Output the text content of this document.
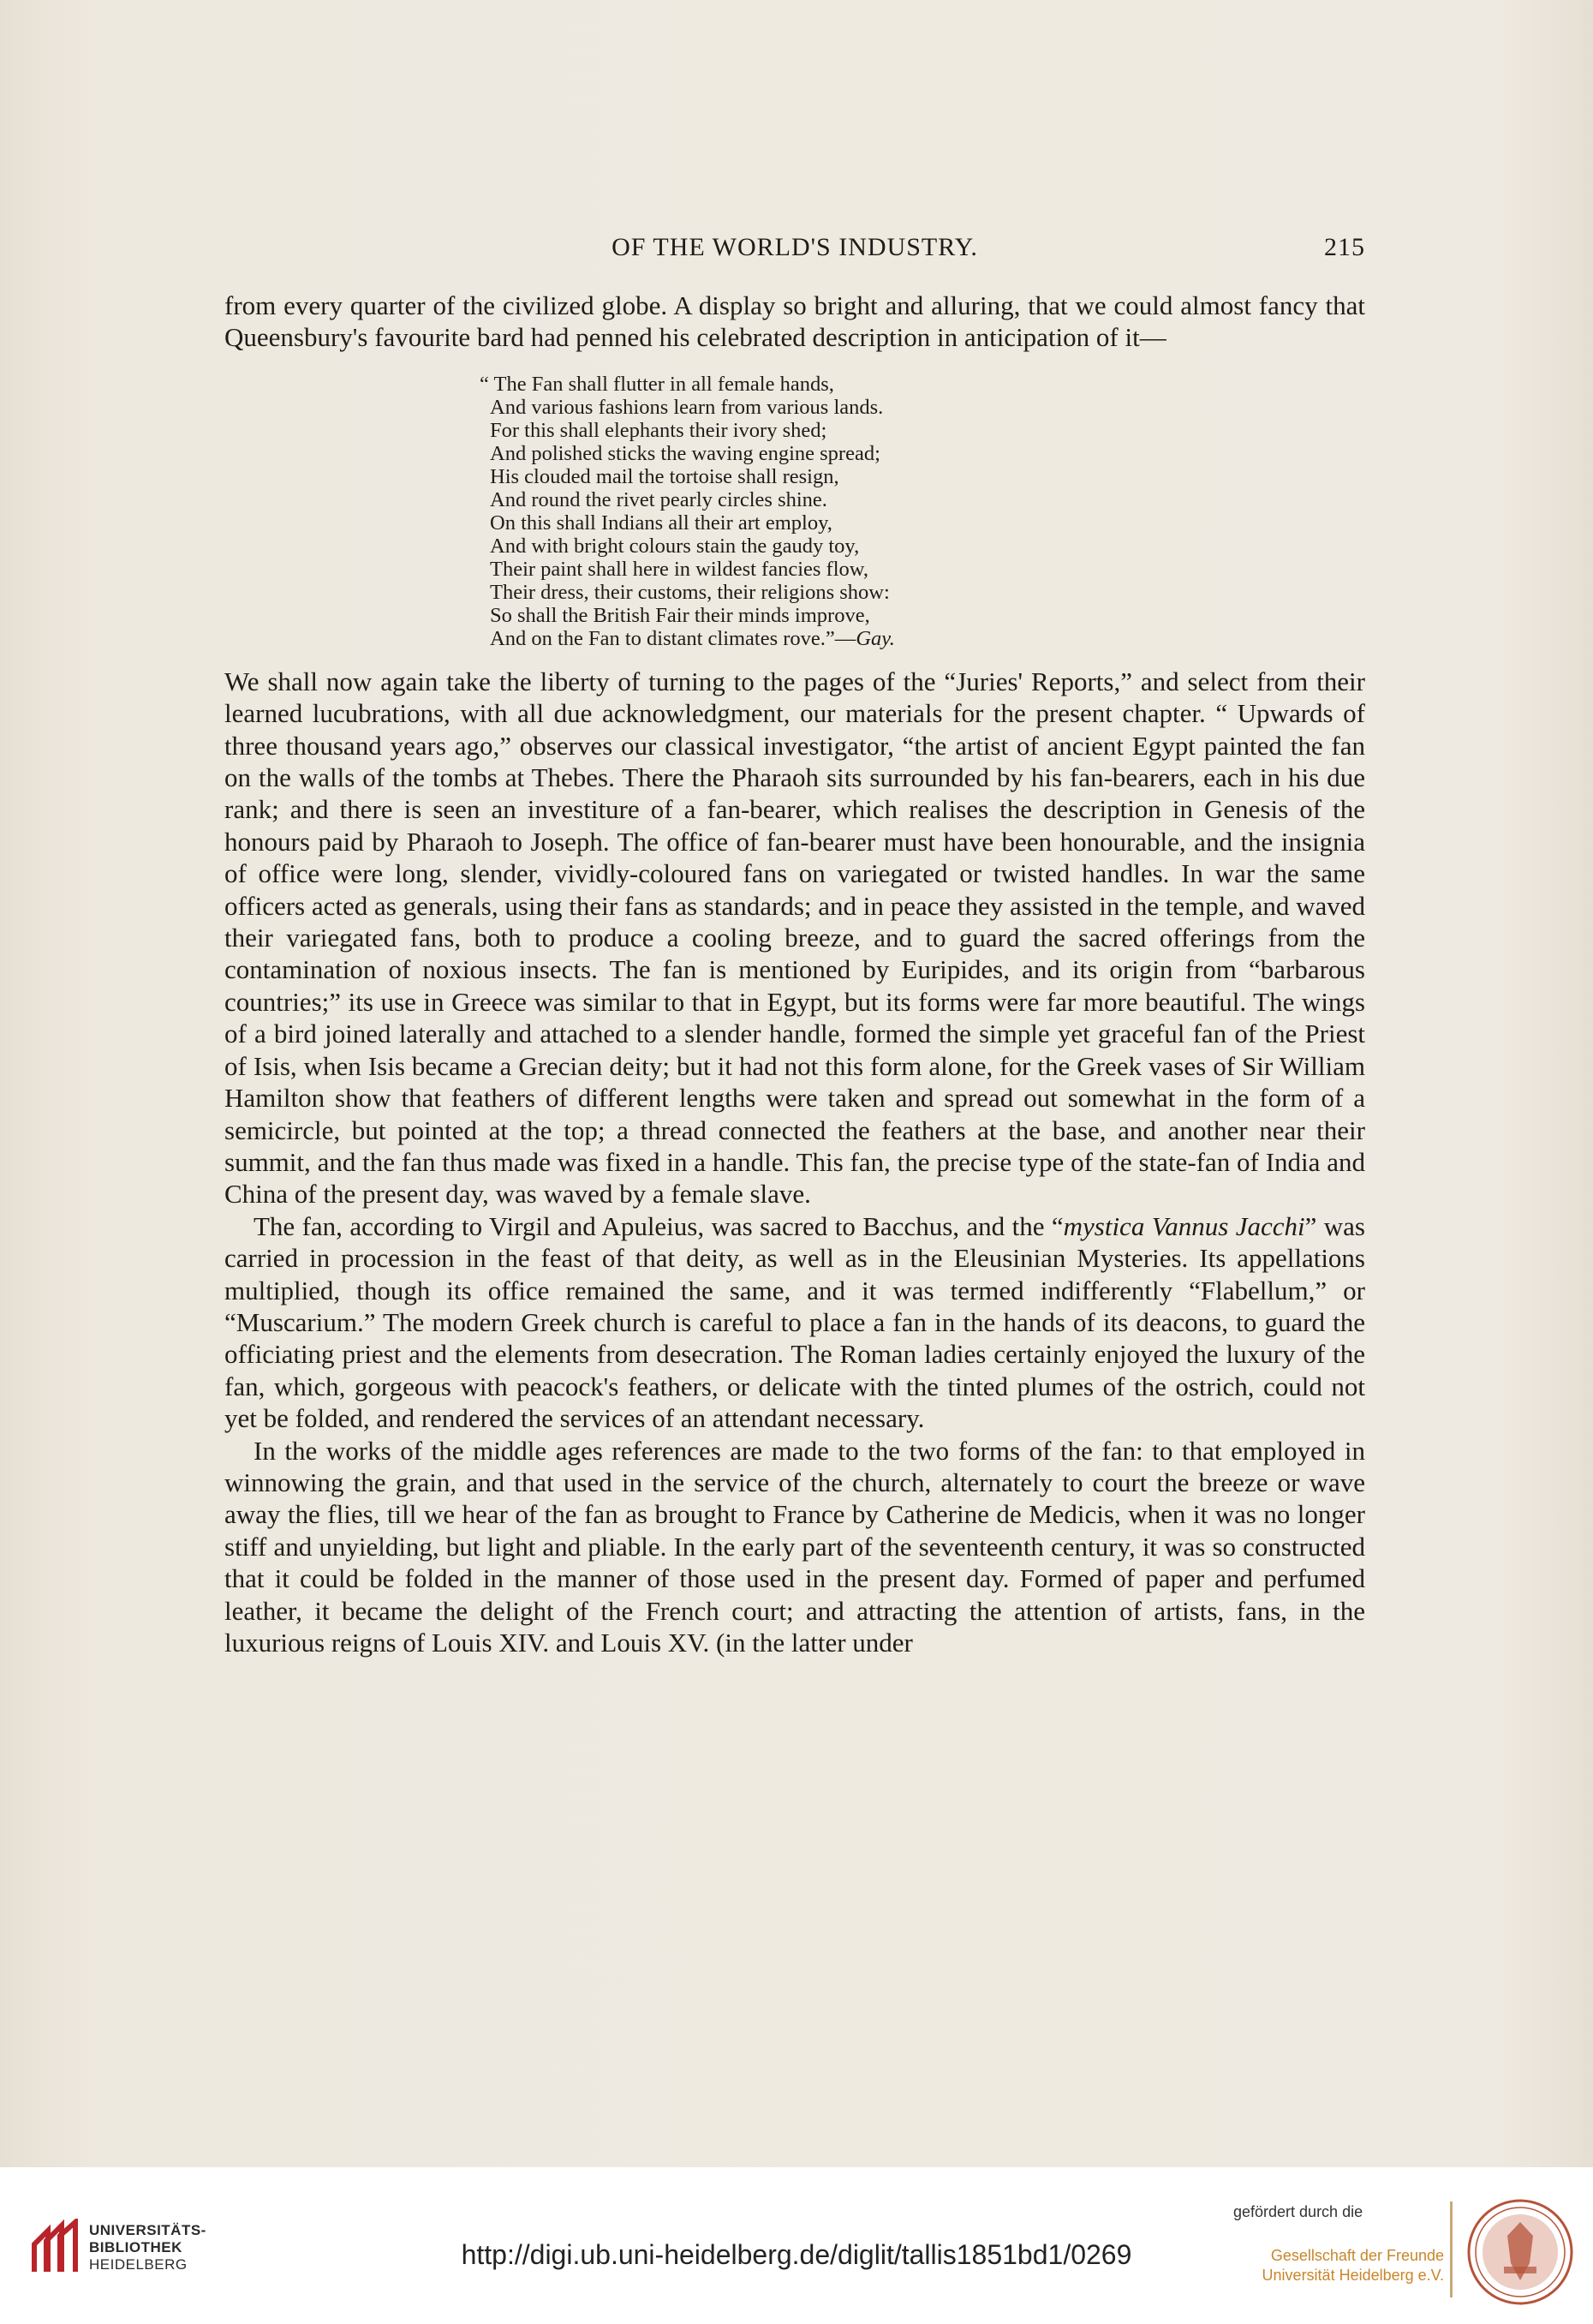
OF THE WORLD'S INDUSTRY.	215

from every quarter of the civilized globe. A display so bright and alluring, that we could almost fancy that Queensbury's favourite bard had penned his celebrated description in anticipation of it—

“ The Fan shall flutter in all female hands,
And various fashions learn from various lands.
For this shall elephants their ivory shed;
And polished sticks the waving engine spread;
His clouded mail the tortoise shall resign,
And round the rivet pearly circles shine.
On this shall Indians all their art employ,
And with bright colours stain the gaudy toy,
Their paint shall here in wildest fancies flow,
Their dress, their customs, their religions show:
So shall the British Fair their minds improve,
And on the Fan to distant climates rove.”—Gay.

We shall now again take the liberty of turning to the pages of the “Juries' Reports,” and select from their learned lucubrations, with all due acknowledgment, our materials for the present chapter. “ Upwards of three thousand years ago,” observes our classical investigator, “the artist of ancient Egypt painted the fan on the walls of the tombs at Thebes. There the Pharaoh sits surrounded by his fan-bearers, each in his due rank; and there is seen an investiture of a fan-bearer, which realises the description in Genesis of the honours paid by Pharaoh to Joseph. The office of fan-bearer must have been honourable, and the insignia of office were long, slender, vividly-coloured fans on variegated or twisted handles. In war the same officers acted as generals, using their fans as standards; and in peace they assisted in the temple, and waved their variegated fans, both to produce a cooling breeze, and to guard the sacred offerings from the contamination of noxious insects. The fan is mentioned by Euripides, and its origin from “barbarous countries;” its use in Greece was similar to that in Egypt, but its forms were far more beautiful. The wings of a bird joined laterally and attached to a slender handle, formed the simple yet graceful fan of the Priest of Isis, when Isis became a Grecian deity; but it had not this form alone, for the Greek vases of Sir William Hamilton show that feathers of different lengths were taken and spread out somewhat in the form of a semicircle, but pointed at the top; a thread connected the feathers at the base, and another near their summit, and the fan thus made was fixed in a handle. This fan, the precise type of the state-fan of India and China of the present day, was waved by a female slave.

The fan, according to Virgil and Apuleius, was sacred to Bacchus, and the “mystica Vannus Jacchi” was carried in procession in the feast of that deity, as well as in the Eleusinian Mysteries. Its appellations multiplied, though its office remained the same, and it was termed indifferently “Flabellum,” or “Muscarium.” The modern Greek church is careful to place a fan in the hands of its deacons, to guard the officiating priest and the elements from desecration. The Roman ladies certainly enjoyed the luxury of the fan, which, gorgeous with peacock's feathers, or delicate with the tinted plumes of the ostrich, could not yet be folded, and rendered the services of an attendant necessary.

In the works of the middle ages references are made to the two forms of the fan: to that employed in winnowing the grain, and that used in the service of the church, alternately to court the breeze or wave away the flies, till we hear of the fan as brought to France by Catherine de Medicis, when it was no longer stiff and unyielding, but light and pliable. In the early part of the seventeenth century, it was so constructed that it could be folded in the manner of those used in the present day. Formed of paper and perfumed leather, it became the delight of the French court; and attracting the attention of artists, fans, in the luxurious reigns of Louis XIV. and Louis XV. (in the latter under

UNIVERSITÄTS-
BIBLIOTHEK
HEIDELBERG	http://digi.ub.uni-heidelberg.de/diglit/tallis1851bd1/0269
gefördert durch die
Gesellschaft der Freunde
Universität Heidelberg e.V.
